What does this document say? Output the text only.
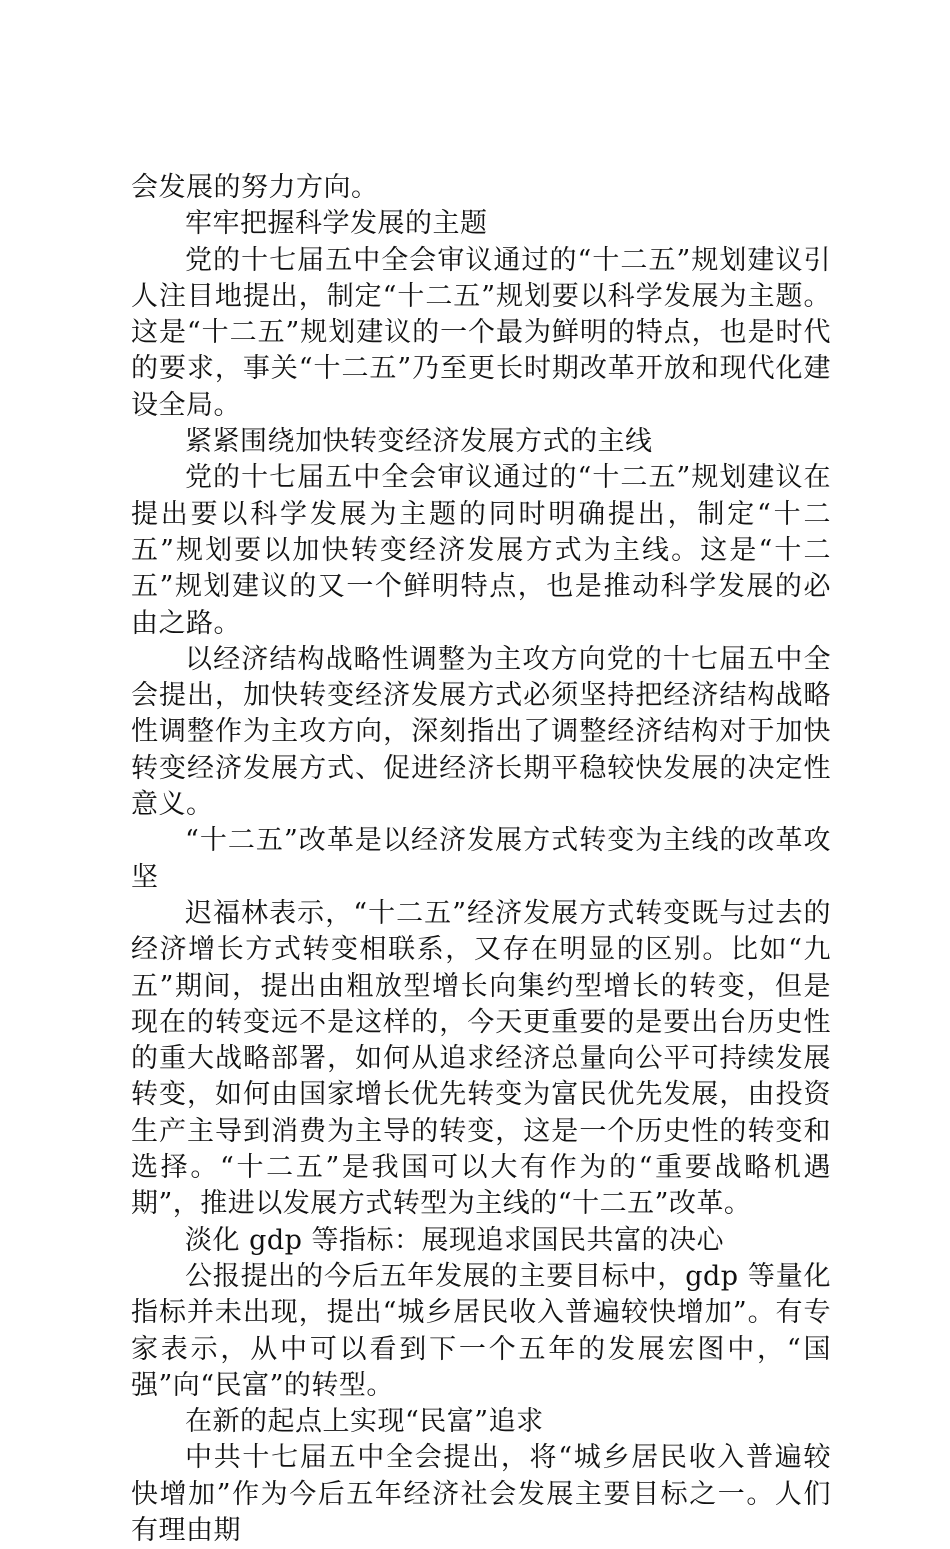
会发展的努力方向。

牢牢把握科学发展的主题

党的十七届五中全会审议通过的“十二五”规划建议引人注目地提出，制定“十二五”规划要以科学发展为主题。这是“十二五”规划建议的一个最为鲜明的特点，也是时代的要求，事关“十二五”乃至更长时期改革开放和现代化建设全局。

紧紧围绕加快转变经济发展方式的主线

党的十七届五中全会审议通过的“十二五”规划建议在提出要以科学发展为主题的同时明确提出，制定“十二五”规划要以加快转变经济发展方式为主线。这是“十二五”规划建议的又一个鲜明特点，也是推动科学发展的必由之路。

以经济结构战略性调整为主攻方向党的十七届五中全会提出，加快转变经济发展方式必须坚持把经济结构战略性调整作为主攻方向，深刻指出了调整经济结构对于加快转变经济发展方式、促进经济长期平稳较快发展的决定性意义。

“十二五”改革是以经济发展方式转变为主线的改革攻坚

迟福林表示，“十二五”经济发展方式转变既与过去的经济增长方式转变相联系，又存在明显的区别。比如“九五”期间，提出由粗放型增长向集约型增长的转变，但是现在的转变远不是这样的，今天更重要的是要出台历史性的重大战略部署，如何从追求经济总量向公平可持续发展转变，如何由国家增长优先转变为富民优先发展，由投资生产主导到消费为主导的转变，这是一个历史性的转变和选择。“十二五”是我国可以大有作为的“重要战略机遇期”，推进以发展方式转型为主线的“十二五”改革。

淡化 gdp 等指标：展现追求国民共富的决心

公报提出的今后五年发展的主要目标中，gdp 等量化指标并未出现，提出“城乡居民收入普遍较快增加”。有专家表示，从中可以看到下一个五年的发展宏图中，“国强”向“民富”的转型。

在新的起点上实现“民富”追求

中共十七届五中全会提出，将“城乡居民收入普遍较快增加”作为今后五年经济社会发展主要目标之一。人们有理由期
